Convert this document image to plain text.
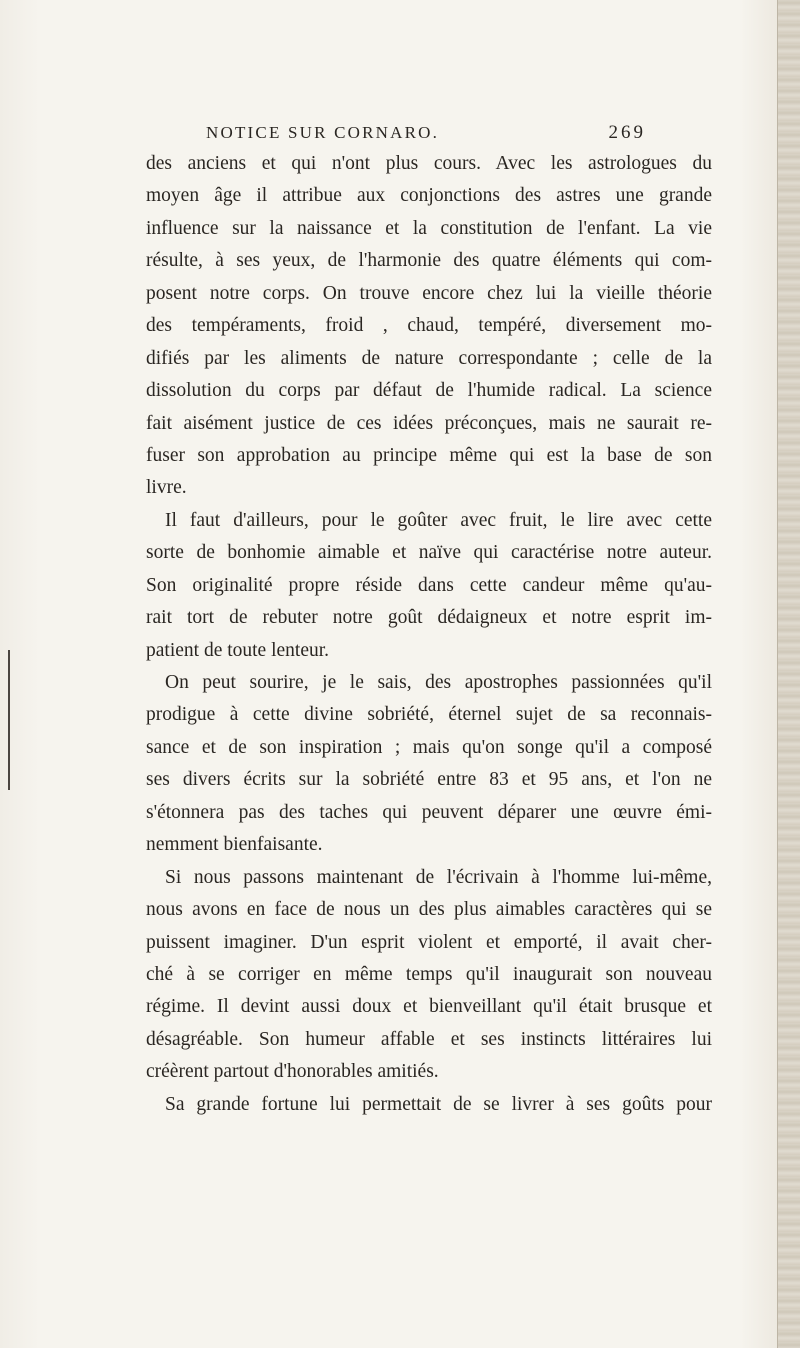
NOTICE SUR CORNARO.	269
des anciens et qui n'ont plus cours. Avec les astrologues du
moyen âge il attribue aux conjonctions des astres une grande
influence sur la naissance et la constitution de l'enfant. La vie
résulte, à ses yeux, de l'harmonie des quatre éléments qui com-
posent notre corps. On trouve encore chez lui la vieille théorie
des tempéraments, froid , chaud, tempéré, diversement mo-
difiés par les aliments de nature correspondante ; celle de la
dissolution du corps par défaut de l'humide radical. La science
fait aisément justice de ces idées préconçues, mais ne saurait re-
fuser son approbation au principe même qui est la base de son
livre.
Il faut d'ailleurs, pour le goûter avec fruit, le lire avec cette
sorte de bonhomie aimable et naïve qui caractérise notre auteur.
Son originalité propre réside dans cette candeur même qu'au-
rait tort de rebuter notre goût dédaigneux et notre esprit im-
patient de toute lenteur.
On peut sourire, je le sais, des apostrophes passionnées qu'il
prodigue à cette divine sobriété, éternel sujet de sa reconnais-
sance et de son inspiration ; mais qu'on songe qu'il a composé
ses divers écrits sur la sobriété entre 83 et 95 ans, et l'on ne
s'étonnera pas des taches qui peuvent déparer une œuvre émi-
nemment bienfaisante.
Si nous passons maintenant de l'écrivain à l'homme lui-même,
nous avons en face de nous un des plus aimables caractères qui se
puissent imaginer. D'un esprit violent et emporté, il avait cher-
ché à se corriger en même temps qu'il inaugurait son nouveau
régime. Il devint aussi doux et bienveillant qu'il était brusque et
désagréable. Son humeur affable et ses instincts littéraires lui
créèrent partout d'honorables amitiés.
Sa grande fortune lui permettait de se livrer à ses goûts pour
